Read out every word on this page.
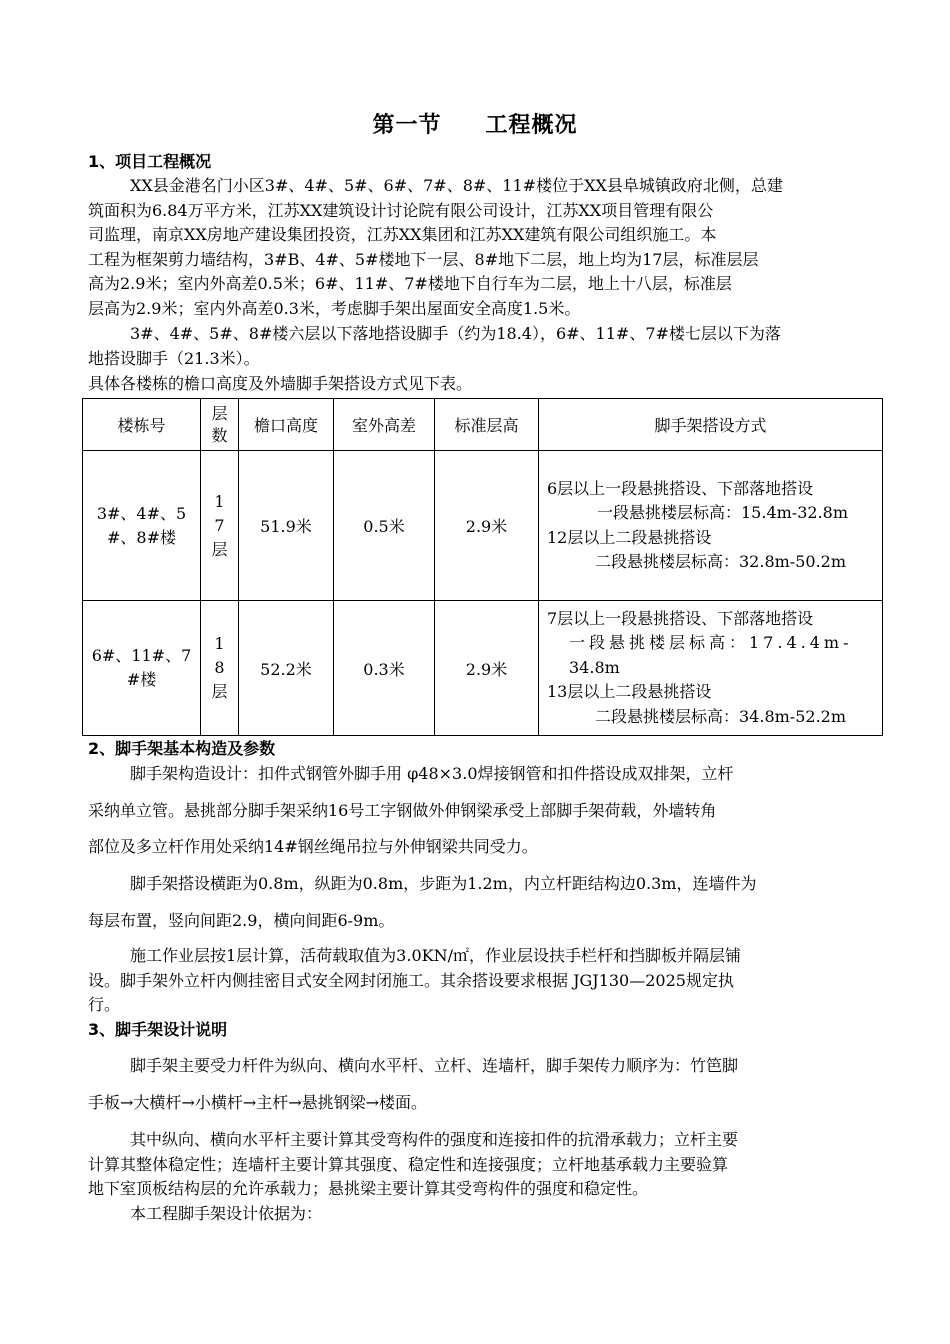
第一节 工程概况
1、项目工程概况
XX县金港名门小区3#、4#、5#、6#、7#、8#、11#楼位于XX县阜城镇政府北侧，总建
筑面积为6.84万平方米，江苏XX建筑设计讨论院有限公司设计，江苏XX项目管理有限公
司监理，南京XX房地产建设集团投资，江苏XX集团和江苏XX建筑有限公司组织施工。本
工程为框架剪力墙结构，3#B、4#、5#楼地下一层、8#地下二层，地上均为17层，标准层层
高为2.9米；室内外高差0.5米；6#、11#、7#楼地下自行车为二层，地上十八层，标准层
层高为2.9米；室内外高差0.3米，考虑脚手架出屋面安全高度1.5米。
3#、4#、5#、8#楼六层以下落地搭设脚手（约为18.4），6#、11#、7#楼七层以下为落
地搭设脚手（21.3米）。
具体各楼栋的檐口高度及外墙脚手架搭设方式见下表。
楼栋号	层数	檐口高度	室外高差	标准层高	脚手架搭设方式
3#、4#、5#、8#楼	17层	51.9米	0.5米	2.9米	6层以上一段悬挑搭设、下部落地搭设
一段悬挑楼层标高：15.4m-32.8m
12层以上二段悬挑搭设
二段悬挑楼层标高：32.8m-50.2m

6#、11#、7#楼	18层	52.2米	0.3米	2.9米	7层以上一段悬挑搭设、下部落地搭设
一段悬挑楼层标高：17.4.4m-
34.8m
13层以上二段悬挑搭设
二段悬挑楼层标高：34.8m-52.2m
2、脚手架基本构造及参数
脚手架构造设计：扣件式钢管外脚手用 φ48×3.0焊接钢管和扣件搭设成双排架，立杆
采纳单立管。悬挑部分脚手架采纳16号工字钢做外伸钢梁承受上部脚手架荷载，外墙转角
部位及多立杆作用处采纳14#钢丝绳吊拉与外伸钢梁共同受力。
脚手架搭设横距为0.8m，纵距为0.8m，步距为1.2m，内立杆距结构边0.3m，连墙件为
每层布置，竖向间距2.9，横向间距6-9m。
施工作业层按1层计算，活荷载取值为3.0KN/㎡，作业层设扶手栏杆和挡脚板并隔层铺
设。脚手架外立杆内侧挂密目式安全网封闭施工。其余搭设要求根据 JGJ130—2025规定执
行。
3、脚手架设计说明
脚手架主要受力杆件为纵向、横向水平杆、立杆、连墙杆，脚手架传力顺序为：竹笆脚
手板→大横杆→小横杆→主杆→悬挑钢梁→楼面。
其中纵向、横向水平杆主要计算其受弯构件的强度和连接扣件的抗滑承载力；立杆主要
计算其整体稳定性；连墙杆主要计算其强度、稳定性和连接强度；立杆地基承载力主要验算
地下室顶板结构层的允许承载力；悬挑梁主要计算其受弯构件的强度和稳定性。
本工程脚手架设计依据为：
